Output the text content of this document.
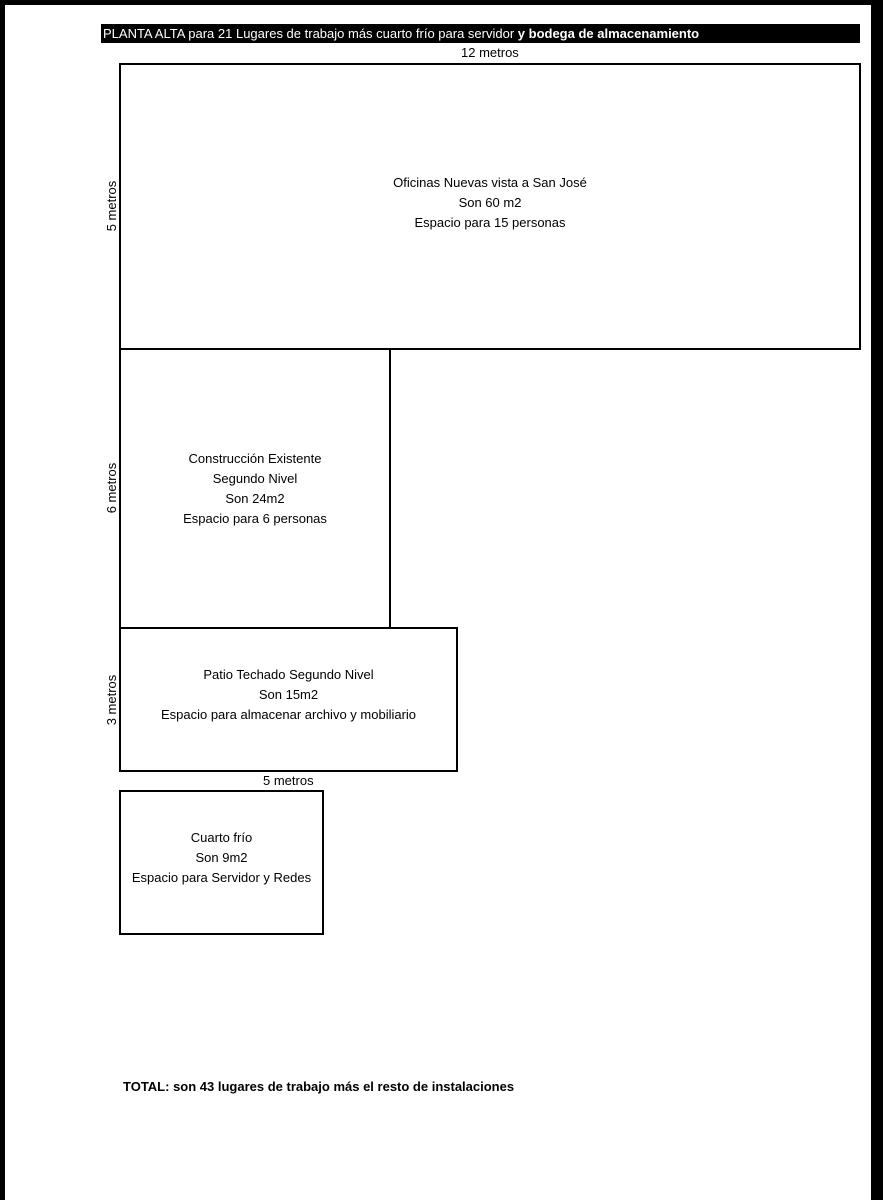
PLANTA ALTA para 21 Lugares de trabajo más cuarto frío para servidor y bodega de almacenamiento
12 metros
5 metros
6 metros
3 metros
5 metros
Oficinas Nuevas vista a San José
Son 60 m2
Espacio para 15 personas
Construcción Existente
Segundo Nivel
Son 24m2
Espacio para 6 personas
Patio Techado Segundo Nivel
Son 15m2
Espacio para almacenar archivo y mobiliario
Cuarto frío
Son 9m2
Espacio para Servidor y Redes
TOTAL: son 43 lugares de trabajo más el resto de instalaciones
